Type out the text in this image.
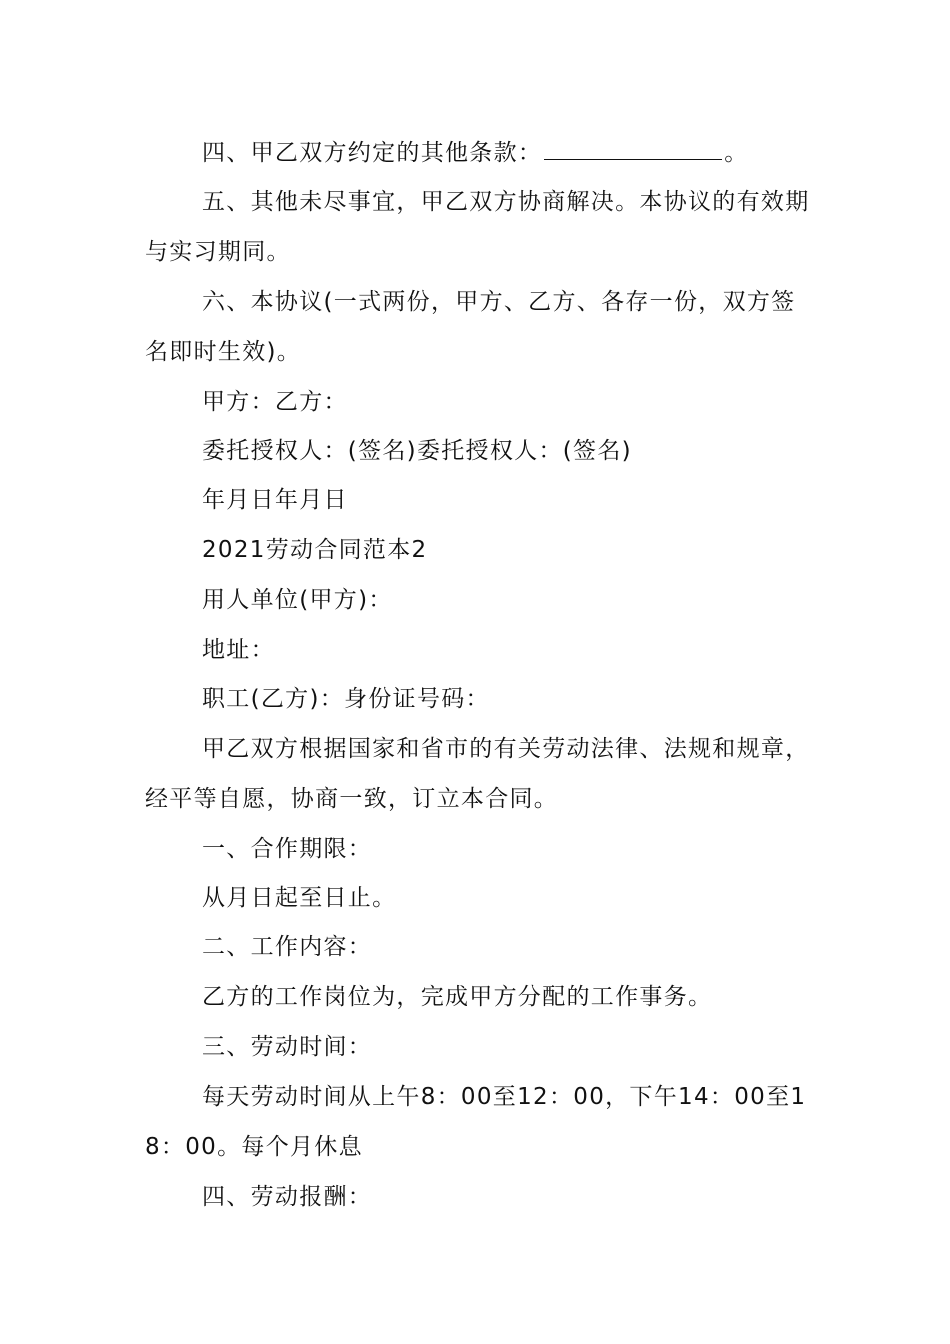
四、甲乙双方约定的其他条款：	。
五、其他未尽事宜，甲乙双方协商解决。本协议的有效期与实习期同。
六、本协议(一式两份，甲方、乙方、各存一份，双方签名即时生效)。
甲方：乙方：
委托授权人：(签名)委托授权人：(签名)
年月日年月日
2021劳动合同范本2
用人单位(甲方)：
地址：
职工(乙方)：身份证号码：
甲乙双方根据国家和省市的有关劳动法律、法规和规章，经平等自愿，协商一致，订立本合同。
一、合作期限：
从月日起至日止。
二、工作内容：
乙方的工作岗位为，完成甲方分配的工作事务。
三、劳动时间：
每天劳动时间从上午8：00至12：00，下午14：00至18：00。每个月休息
四、劳动报酬：
